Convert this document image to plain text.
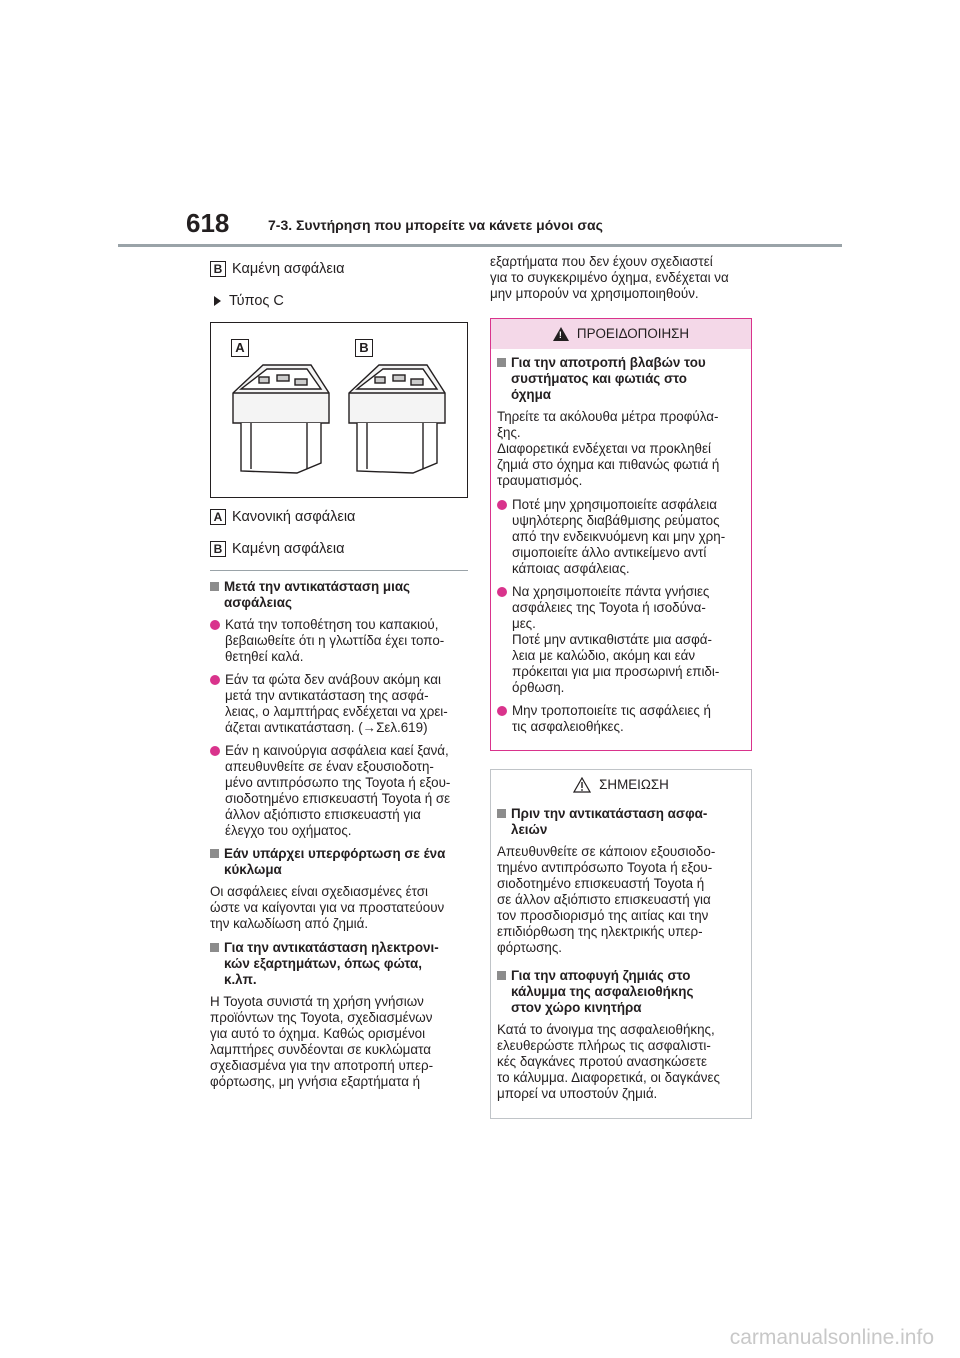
618	7-3. Συντήρηση που μπορείτε να κάνετε μόνοι σας
B Καμένη ασφάλεια
Τύπος C
A	B
A Κανονική ασφάλεια
B Καμένη ασφάλεια
Μετά την αντικατάσταση μιας ασφάλειας
Κατά την τοποθέτηση του καπακιού,
βεβαιωθείτε ότι η γλωττίδα έχει τοπο-
θετηθεί καλά.
Εάν τα φώτα δεν ανάβουν ακόμη και
μετά την αντικατάσταση της ασφά-
λειας, ο λαμπτήρας ενδέχεται να χρει-
άζεται αντικατάσταση. (→Σελ.619)
Εάν η καινούργια ασφάλεια καεί ξανά,
απευθυνθείτε σε έναν εξουσιοδοτη-
μένο αντιπρόσωπο της Toyota ή εξου-
σιοδοτημένο επισκευαστή Toyota ή σε
άλλον αξιόπιστο επισκευαστή για
έλεγχο του οχήματος.
Εάν υπάρχει υπερφόρτωση σε ένα κύκλωμα
Οι ασφάλειες είναι σχεδιασμένες έτσι
ώστε να καίγονται για να προστατεύουν
την καλωδίωση από ζημιά.
Για την αντικατάσταση ηλεκτρονι-
κών εξαρτημάτων, όπως φώτα,
κ.λπ.
Η Toyota συνιστά τη χρήση γνήσιων
προϊόντων της Toyota, σχεδιασμένων
για αυτό το όχημα. Καθώς ορισμένοι
λαμπτήρες συνδέονται σε κυκλώματα
σχεδιασμένα για την αποτροπή υπερ-
φόρτωσης, μη γνήσια εξαρτήματα ή
εξαρτήματα που δεν έχουν σχεδιαστεί
για το συγκεκριμένο όχημα, ενδέχεται να
μην μπορούν να χρησιμοποιηθούν.
! ΠΡΟΕΙΔΟΠΟΙΗΣΗ
Για την αποτροπή βλαβών του
συστήματος και φωτιάς στο
όχημα
Τηρείτε τα ακόλουθα μέτρα προφύλα-
ξης.
Διαφορετικά ενδέχεται να προκληθεί
ζημιά στο όχημα και πιθανώς φωτιά ή
τραυματισμός.
Ποτέ μην χρησιμοποιείτε ασφάλεια
υψηλότερης διαβάθμισης ρεύματος
από την ενδεικνυόμενη και μην χρη-
σιμοποιείτε άλλο αντικείμενο αντί
κάποιας ασφάλειας.
Να χρησιμοποιείτε πάντα γνήσιες
ασφάλειες της Toyota ή ισοδύνα-
μες.
Ποτέ μην αντικαθιστάτε μια ασφά-
λεια με καλώδιο, ακόμη και εάν
πρόκειται για μια προσωρινή επιδι-
όρθωση.
Μην τροποποιείτε τις ασφάλειες ή
τις ασφαλειοθήκες.
ΣΗΜΕΙΩΣΗ
Πριν την αντικατάσταση ασφα-
λειών
Απευθυνθείτε σε κάποιον εξουσιοδο-
τημένο αντιπρόσωπο Toyota ή εξου-
σιοδοτημένο επισκευαστή Toyota ή
σε άλλον αξιόπιστο επισκευαστή για
τον προσδιορισμό της αιτίας και την
επιδιόρθωση της ηλεκτρικής υπερ-
φόρτωσης.
Για την αποφυγή ζημιάς στο
κάλυμμα της ασφαλειοθήκης
στον χώρο κινητήρα
Κατά το άνοιγμα της ασφαλειοθήκης,
ελευθερώστε πλήρως τις ασφαλιστι-
κές δαγκάνες προτού ανασηκώσετε
το κάλυμμα. Διαφορετικά, οι δαγκάνες
μπορεί να υποστούν ζημιά.
carmanualsonline.info
